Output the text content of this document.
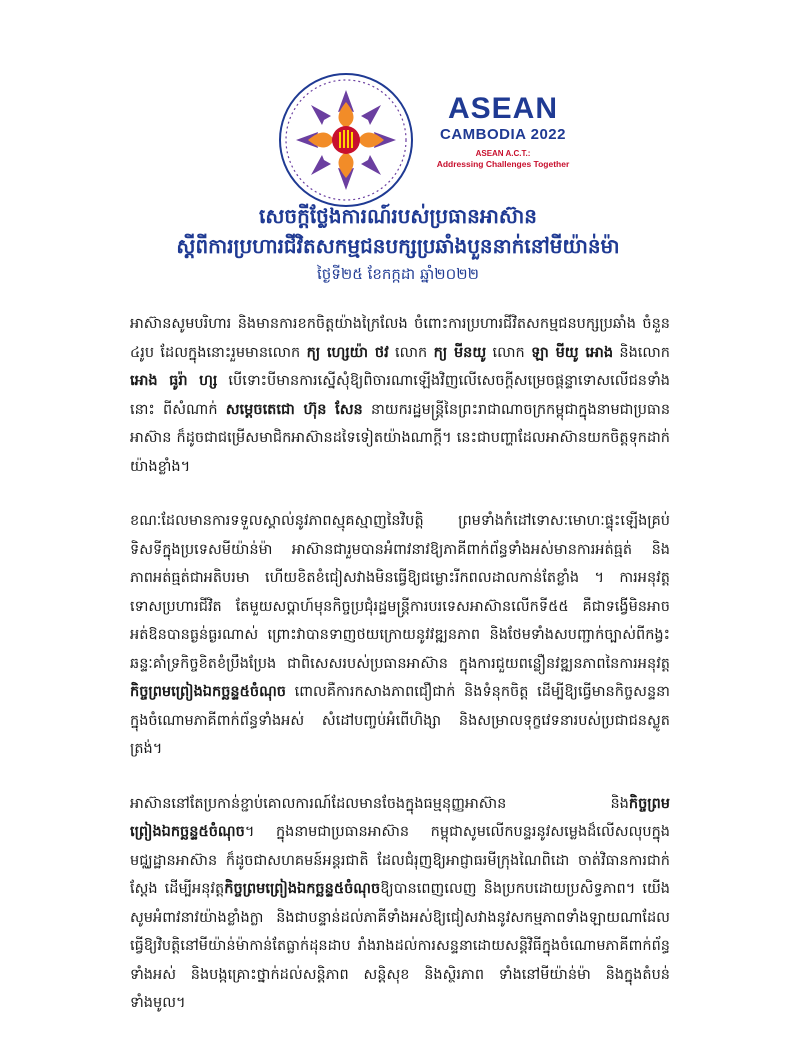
ASEAN
CAMBODIA 2022
ASEAN A.C.T.:
Addressing Challenges Together
សេចក្តីថ្លែងការណ៍របស់ប្រធានអាស៊ាន
ស្តីពីការប្រហារជីវិតសកម្មជនបក្សប្រឆាំងបួននាក់នៅមីយ៉ាន់ម៉ា
ថ្ងៃទី២៥ ខែកក្កដា ឆ្នាំ២០២២

អាស៊ានសូមបរិហារ និងមានការខកចិត្តយ៉ាងក្រៃលែង ចំពោះការប្រហារជីវិតសកម្មជនបក្សប្រឆាំង ចំនួន ៤រូប ដែលក្នុងនោះរួមមានលោក ក្យ ហ្សេយ៉ា ថវ លោក ក្យ មីនយូ លោក ឡា មីយូ អោង និងលោក អោង ធូរ៉ា ហ្ស បើទោះបីមានការស្នើសុំឱ្យពិចារណាឡើងវិញលើសេចក្តីសម្រេចផ្តន្ទាទោសលើជនទាំងនោះ ពីសំណាក់ សម្តេចតេជោ ហ៊ុន សែន នាយករដ្ឋមន្ត្រីនៃព្រះរាជាណាចក្រកម្ពុជាក្នុងនាមជាប្រធានអាស៊ាន ក៏ដូចជាជម្រើសមាជិកអាស៊ានដទៃទៀតយ៉ាងណាក្តី។ នេះជាបញ្ហាដែលអាស៊ានយកចិត្តទុកដាក់យ៉ាងខ្លាំង។

ខណៈដែលមានការទទួលស្គាល់នូវភាពស្មុគស្មាញនៃវិបត្តិ ព្រមទាំងកំដៅទោសៈមោហៈផ្ទុះឡើងគ្រប់ទិសទីក្នុងប្រទេសមីយ៉ាន់ម៉ា អាស៊ានជារួមបានអំពាវនាវឱ្យភាគីពាក់ព័ន្ធទាំងអស់មានការអត់ធ្មត់ និង ភាពអត់ធ្មត់ជាអតិបរមា ហើយខិតខំជៀសវាងមិនធ្វើឱ្យជម្លោះរីកពលដាលកាន់តែខ្លាំង ។ ការអនុវត្តទោសប្រហារជីវិត តែមួយសប្តាហ៍មុនកិច្ចប្រជុំរដ្ឋមន្ត្រីការបរទេសអាស៊ានលើកទី៥៥ គឺជាទង្វើមិនអាចអត់ឱនបានធ្ងន់ធ្ងរណាស់ ព្រោះវាបានទាញថយក្រោយនូវវឌ្ឍនភាព និងថែមទាំងសបញ្ជាក់ច្បាស់ពីកង្វះឆន្ទៈគាំទ្រកិច្ចខិតខំប្រឹងប្រែង ជាពិសេសរបស់ប្រធានអាស៊ាន ក្នុងការជួយពន្លឿនវឌ្ឍនភាពនៃការអនុវត្តកិច្ចព្រមព្រៀងឯកច្ឆន្ទ៥ចំណុច ពោលគឺការកសាងភាពជឿជាក់ និងទំនុកចិត្ត ដើម្បីឱ្យធ្វើមានកិច្ចសន្ទនាក្នុងចំណោមភាគីពាក់ព័ន្ធទាំងអស់ សំដៅបញ្ចប់អំពើហិង្សា និងសម្រាលទុក្ខវេទនារបស់ប្រជាជនស្លូតត្រង់។

អាស៊ាននៅតែប្រកាន់ខ្ជាប់គោលការណ៍ដែលមានចែងក្នុងធម្មនុញ្ញអាស៊ាន និងកិច្ចព្រមព្រៀងឯកច្ឆន្ទ៥ចំណុច។ ក្នុងនាមជាប្រធានអាស៊ាន កម្ពុជាសូមលើកបន្ទរនូវសម្លេងដ៏លើសលុបក្នុងមជ្ឈដ្ឋានអាស៊ាន ក៏ដូចជាសហគមន៍អន្តរជាតិ ដែលជំរុញឱ្យអាជ្ញាធរមីក្រុងណៃពិដោ ចាត់វិធានការជាក់ស្តែង ដើម្បីអនុវត្តកិច្ចព្រមព្រៀងឯកច្ឆន្ទ៥ចំណុចឱ្យបានពេញលេញ និងប្រកបដោយប្រសិទ្ធភាព។ យើងសូមអំពាវនាវយ៉ាងខ្លាំងក្លា និងជាបន្ទាន់ដល់ភាគីទាំងអស់ឱ្យជៀសវាងនូវសកម្មភាពទាំងឡាយណាដែលធ្វើឱ្យវិបត្តិនៅមីយ៉ាន់ម៉ាកាន់តែធ្លាក់ដុនដាប រាំងរាងដល់ការសន្ទនាដោយសន្តិវិធីក្នុងចំណោមភាគីពាក់ព័ន្ធទាំងអស់ និងបង្កគ្រោះថ្នាក់ដល់សន្តិភាព សន្តិសុខ និងស្ថិរភាព ទាំងនៅមីយ៉ាន់ម៉ា និងក្នុងតំបន់ទាំងមូល។
